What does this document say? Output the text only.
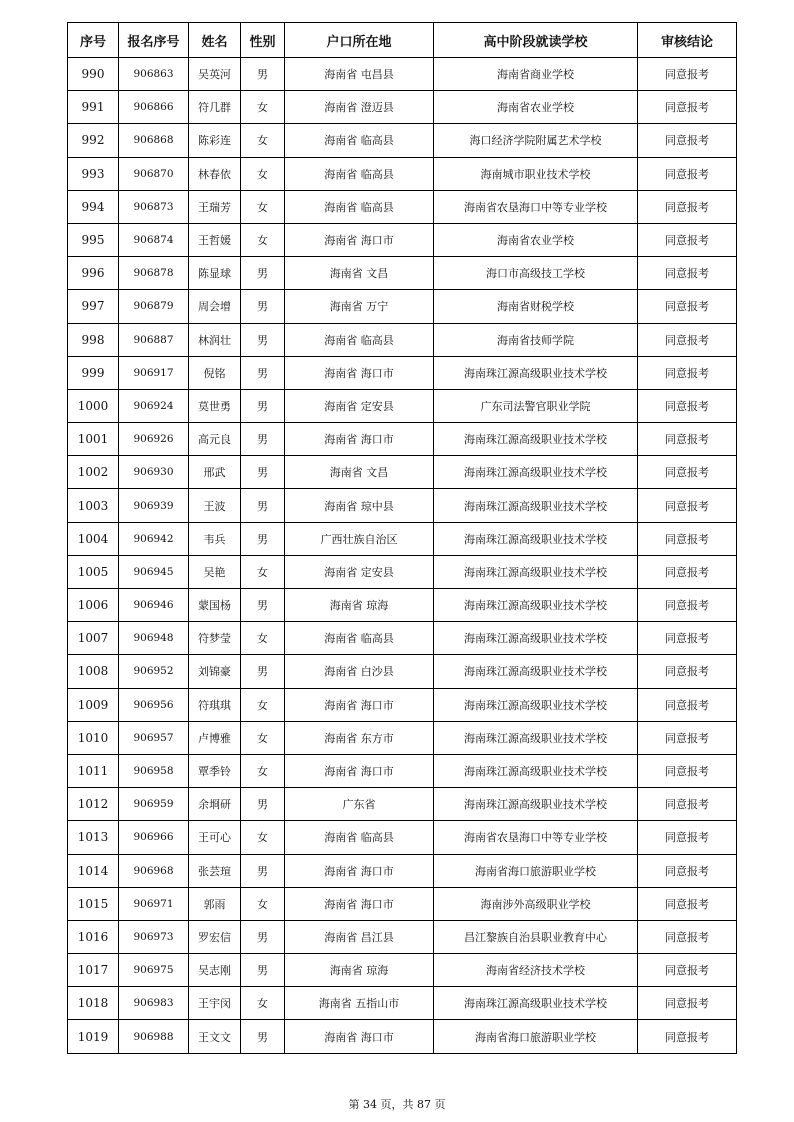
序号	报名序号	姓名	性别	户口所在地	高中阶段就读学校	审核结论
990	906863	吴英河	男	海南省 屯昌县	海南省商业学校	同意报考
991	906866	符几群	女	海南省 澄迈县	海南省农业学校	同意报考
992	906868	陈彩连	女	海南省 临高县	海口经济学院附属艺术学校	同意报考
993	906870	林春依	女	海南省 临高县	海南城市职业技术学校	同意报考
994	906873	王瑞芳	女	海南省 临高县	海南省农垦海口中等专业学校	同意报考
995	906874	王哲媛	女	海南省 海口市	海南省农业学校	同意报考
996	906878	陈显球	男	海南省 文昌	海口市高级技工学校	同意报考
997	906879	周会增	男	海南省 万宁	海南省财税学校	同意报考
998	906887	林润壮	男	海南省 临高县	海南省技师学院	同意报考
999	906917	倪铭	男	海南省 海口市	海南珠江源高级职业技术学校	同意报考
1000	906924	莫世勇	男	海南省 定安县	广东司法警官职业学院	同意报考
1001	906926	高元良	男	海南省 海口市	海南珠江源高级职业技术学校	同意报考
1002	906930	邢武	男	海南省 文昌	海南珠江源高级职业技术学校	同意报考
1003	906939	王波	男	海南省 琼中县	海南珠江源高级职业技术学校	同意报考
1004	906942	韦兵	男	广西壮族自治区	海南珠江源高级职业技术学校	同意报考
1005	906945	吴艳	女	海南省 定安县	海南珠江源高级职业技术学校	同意报考
1006	906946	蒙国杨	男	海南省 琼海	海南珠江源高级职业技术学校	同意报考
1007	906948	符梦莹	女	海南省 临高县	海南珠江源高级职业技术学校	同意报考
1008	906952	刘锦豪	男	海南省 白沙县	海南珠江源高级职业技术学校	同意报考
1009	906956	符琪琪	女	海南省 海口市	海南珠江源高级职业技术学校	同意报考
1010	906957	卢博雅	女	海南省 东方市	海南珠江源高级职业技术学校	同意报考
1011	906958	覃季铃	女	海南省 海口市	海南珠江源高级职业技术学校	同意报考
1012	906959	余埛研	男	广东省	海南珠江源高级职业技术学校	同意报考
1013	906966	王可心	女	海南省 临高县	海南省农垦海口中等专业学校	同意报考
1014	906968	张芸瑄	男	海南省 海口市	海南省海口旅游职业学校	同意报考
1015	906971	郭雨	女	海南省 海口市	海南涉外高级职业学校	同意报考
1016	906973	罗宏信	男	海南省 昌江县	昌江黎族自治县职业教育中心	同意报考
1017	906975	吴志刚	男	海南省 琼海	海南省经济技术学校	同意报考
1018	906983	王宇闵	女	海南省 五指山市	海南珠江源高级职业技术学校	同意报考
1019	906988	王文文	男	海南省 海口市	海南省海口旅游职业学校	同意报考
第 34 页，共 87 页
